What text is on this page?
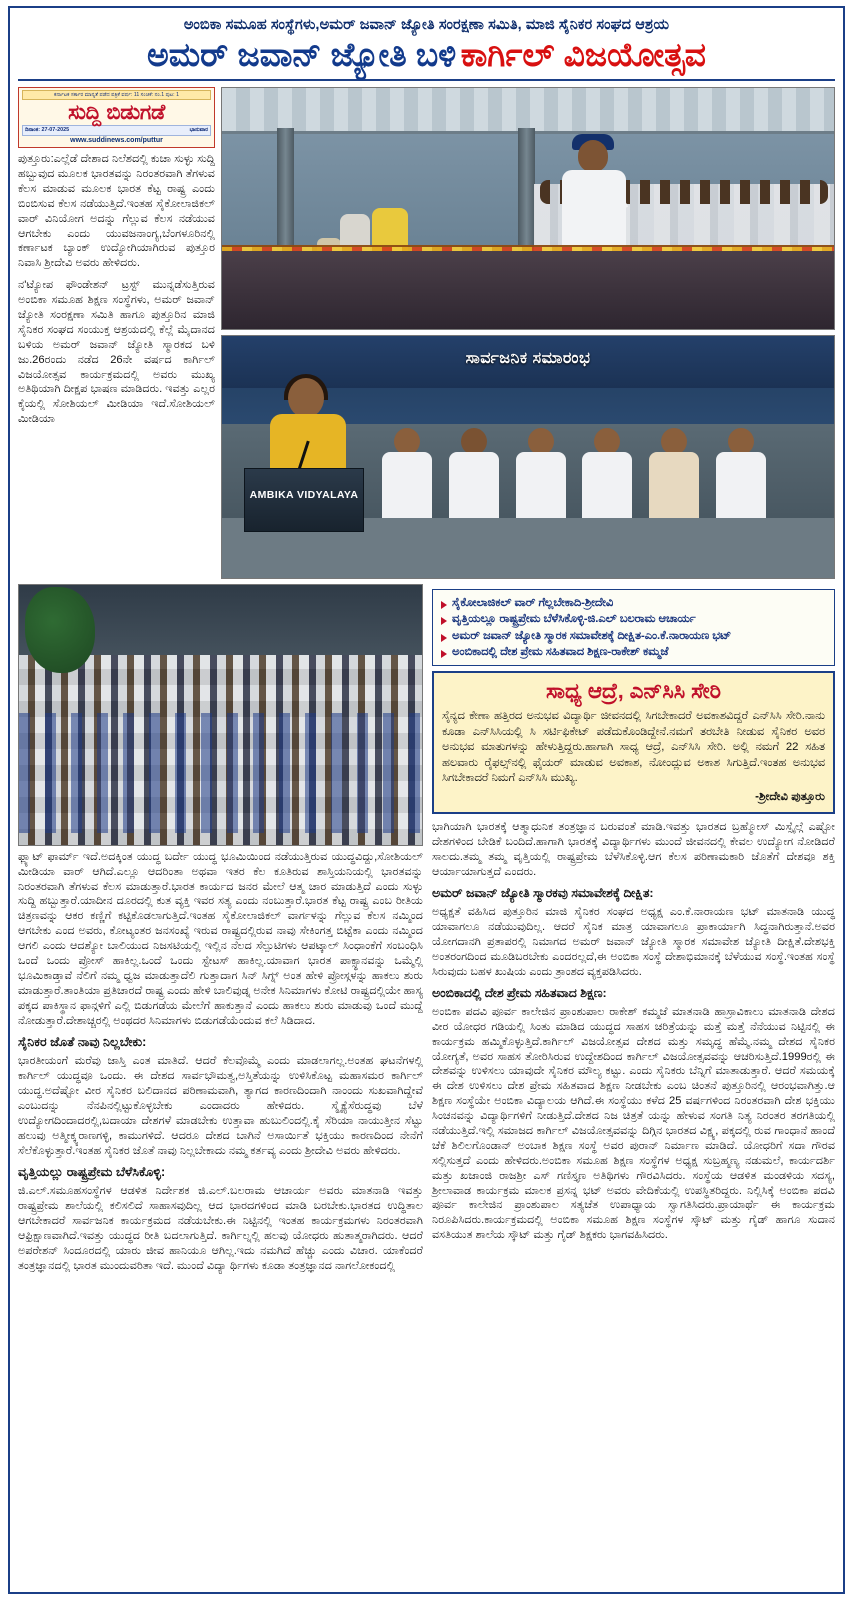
ಅಂಬಿಕಾ ಸಮೂಹ ಸಂಸ್ಥೆಗಳು,ಅಮರ್ ಜವಾನ್ ಜ್ಯೋತಿ ಸಂರಕ್ಷಣಾ ಸಮಿತಿ, ಮಾಜಿ ಸೈನಿಕರ ಸಂಘದ ಆಶ್ರಯ
ಅಮರ್ ಜವಾನ್ ಜ್ಯೋತಿ ಬಳಿ ಕಾರ್ಗಿಲ್ ವಿಜಯೋತ್ಸವ
ಕರ್ನಾಟಕ ಸರ್ಕಾರ ಮಾನ್ಯತೆ ಪಡೆದ ಪತ್ರಿಕೆ ವರ್ಷ: 11 ಸಂಚಿಕೆ: ನಂ.1 ಪುಟ: 1
ಸುದ್ದಿ ಬಿಡುಗಡೆ
ದಿನಾಂಕ: 27-07-2025	ಭಾನುವಾರ
www.suddinews.com/puttur

ಪುತ್ತೂರು:ಎಲ್ಲೆಡೆ ದೇಶಾದ ನಿಲೆಶದಲ್ಲಿ ಕುಚಾ ಸುಳ್ಳು ಸುದ್ದಿ ಹಬ್ಬುವುದ ಮೂಲಕ ಭಾರತವನ್ನು ನಿರಂತರವಾಗಿ ತೆಗಳುವ ಕೆಲಸ ಮಾಡುವ ಮೂಲಕ ಭಾರತ ಕೆಟ್ಟ ರಾಷ್ಟ್ರ ಎಂದು ಬಿಂಬಿಸುವ ಕೆಲಸ ನಡೆಯುತ್ತಿದೆ.ಇಂತಹ ಸೈಕೋಲಾಜಿಕಲ್ ವಾರ್ ವಿನಿಯೋಗ ಅದನ್ನು ಗೆಲ್ಲುವ ಕೆಲಸ ನಡೆಯುವ ಆಗಬೇಕು ಎಂದು ಯುವಜನಾಂಗ್ಯ,ಬೆಂಗಳೂರಿನಲ್ಲಿ ಕರ್ಣಾಟಕ ಬ್ಯಾಂಕ್ ಉದ್ಯೋಗಿಯಾಗಿರುವ ಪುತ್ತೂರ ನಿವಾಸಿ ಶ್ರೀದೇವಿ ಅವರು ಹೇಳಿದರು.

ನ'ಟ್ಯೋಪ ಫೌಂಡೇಶನ್ ಟ್ರಸ್ಟ್ ಮುನ್ನಡೆಸುತ್ತಿರುವ ಅಂಬಿಕಾ ಸಮೂಹ ಶಿಕ್ಷಣ ಸಂಸ್ಥೆಗಳು, ಅಮರ್ ಜವಾನ್ ಜ್ಯೋತಿ ಸಂರಕ್ಷಣಾ ಸಮಿತಿ ಹಾಗೂ ಪುತ್ತೂರಿನ ಮಾಜಿ ಸೈನಿಕರ ಸಂಘದ ಸಂಯುಕ್ತ ಆಶ್ರಯದಲ್ಲಿ ಕೆಲ್ಲೆ ಮೈದಾನದ ಬಳಿಯ ಅಮರ್ ಜವಾನ್ ಜ್ಯೋತಿ ಸ್ಮಾರಕದ ಬಳಿ ಜು.26ರಂದು ನಡೆದ 26ನೇ ವರ್ಷದ ಕಾರ್ಗಿಲ್ ವಿಜಯೋತ್ಸವ ಕಾರ್ಯಕ್ರಮದಲ್ಲಿ ಅವರು ಮುಖ್ಯ ಅತಿಥಿಯಾಗಿ ದೀಕ್ಷಪ ಭಾಷಣ ಮಾಡಿದರು. ಇವತ್ತು ಎಲ್ಲರ ಕೈಯಲ್ಲಿ ಸೋಶಿಯಲ್ ಮೀಡಿಯಾ ಇದೆ.ಸೋಶಿಯಲ್ ಮೀಡಿಯಾ

ಸಾರ್ವಜನಿಕ ಸಮಾರಂಭ
AMBIKA VIDYALAYA

ಫ್ಲ್ಯಾಟ್ ಫಾರ್ಮ್ ಇದೆ.ಅದಕ್ಕಿಂತ ಯುದ್ಧ ಬರ್ದೇ ಯುದ್ಧ ಭೂಮಿಯಿಂದ ನಡೆಯುತ್ತಿರುವ ಯುದ್ಧವಿದ್ದು,ಸೋಶಿಯಲ್ ಮೀಡಿಯಾ ವಾರ್ ಆಗಿದೆ.ಎಲ್ಲೂ ಆದರಿಂತಾ ಅಥವಾ ಇತರ ಕೆಲ ಕೂತಿರುವ ಶಾಸ್ತಿಯನಿಯಲ್ಲಿ ಭಾರತವನ್ನು ನಿರಂತರವಾಗಿ ತೆಗಳುವ ಕೆಲಸ ಮಾಡುತ್ತಾರೆ.ಭಾರತ ಕಾರ್ಯದ ಜನರ ಮೇಲೆ ಆತ್ಮ ಚಾರ ಮಾಡುತ್ತಿದೆ ಎಂದು ಸುಳ್ಳು ಸುದ್ದಿ ಹಬ್ಬುತ್ತಾರೆ.ಯಾದೀನ ದೂರದಲ್ಲಿ ಕುತ ವ್ಯಕ್ತಿ ಇವರ ಸತ್ಯ ಎಂದು ನಂಬುತ್ತಾರೆ.ಭಾರತ ಕೆಟ್ಟ ರಾಷ್ಟ್ರ ಎಂಬ ರೀತಿಯ ಚಿತ್ರಣವನ್ನು ಆಕರ ಕಣ್ಣಿಗೆ ಕಟ್ಟಿಕೊಡಲಾಗುತ್ತಿದೆ.ಇಂತಹ ಸೈಕೋಲಾಜಿಕಲ್ ವಾರ್ಗಳನ್ನು ಗೆಲ್ಲುವ ಕೆಲಸ ನಮ್ಮಿಂದ ಆಗಬೇಕು ಎಂದ ಅವರು, ಕೋಟ್ಯಂತರ ಜನಸಂಖ್ಯೆ ಇರುವ ರಾಷ್ಟ್ರದಲ್ಲಿರುವ ನಾವು ಸೇಕಿಂಗತ್ತ ಬಿಟ್ಟೆಕಾ ಎಂದು ನಮ್ಮಿಂದ ಆಗಲಿ ಎಂದು ಆದಶ್ಯೋ ಬಾಲಿಯುದ ನಿಜಸಟಿಯಲ್ಲಿ ಇಲ್ಲಿನ ನೆಲದ ಸೆಲ್ಪುಟಿಗಳು ಆಪಟ್ಕಾಲ್ ಸಿಂಧಾಂಕೆಗೆ ಸಂಬಂಧಿಸಿ ಒಂದೆ ಒಂದು ಪ್ರೋಸ್ ಹಾಕಿಲ್ಲ.ಒಂದೆ ಒಂದು ಸ್ಟೇಟಸ್ ಹಾಕಿಲ್ಲ.ಯಾವಾಗ ಭಾರತ ಪಾಕ್ಸ್ಥಾನವನ್ನು ಒಮ್ಮೆಲ್ಲಿ ಭೂಮಿಕಾಡ್ತಾವೆ ನೆಲಿಗೆ ನಮ್ಮ ಧ್ವಜ ಮಾಡುತ್ತಾದೆಲಿ ಗುತ್ತಾದಾಗ ಸಿನ್ ಸಿಗ್ನ್ ಅಂತ ಹೇಳಿ ಪ್ರೋಸ್ಗಳನ್ನು ಹಾಕಲು ಶುರು ಮಾಡುತ್ತಾರೆ.ತಾಂತಿಯಾ ಪ್ರತಿಚಾರದೆ ರಾಷ್ಟ್ರ ಎಂದು ಹೇಳಿ ಬಾಲಿವುಡ್ನ ಅನೇಕ ಸಿನಿಮಾಗಳು ಕೋಟಿ ರಾಷ್ಟ್ರದಲ್ಲಿಯೇ ಹಾಸ್ಯ ಪಕ್ಕದ ಪಾಕಿಸ್ಥಾನ ಫಾನ್ಗಳಿಗೆ ಎಲ್ಲಿ ಬಿಡುಗಡೆಯ ಮೇಲೆಗೆ ಹಾಕುತ್ತಾನೆ ಎಂದು ಹಾಕಲು ಶುರು ಮಾಡುವು ಒಂದೆ ಮುದ್ದೆ ನೋಡುತ್ತಾರೆ.ದೇಶಾಚ್ಚರಲ್ಲಿ ಅಂಥದರ ಸಿನಿಮಾಗಳು ಬಿಡುಗಡೆಯೆಂದುವ ಕಲೆ ಸಿಡಿದಾದ.

ಸೈನಿಕರ ಜೊತೆ ನಾವು ನಿಲ್ಲಬೇಕು:

ಭಾರತೀಯಂಗೆ ಮರೆವು ಜಾಸ್ತಿ ಎಂತ ಮಾತಿದೆ. ಆದರೆ ಕೆಲವೊಮ್ಮೆ ಎಂದು ಮಾಡಲಾಗಲ್ಲ.ಅಂತಹ ಘಟನೆಗಳಲ್ಲಿ ಕಾರ್ಗಿಲ್ ಯುದ್ಧವೂ ಒಂದು. ಈ ದೇಶದ ಸಾರ್ವಭೌಮತ್ವ,ಅಸ್ತಿತೆಯನ್ನು ಉಳಿಸಿಕೊಟ್ಟ ಮಹಾಸಮರ ಕಾರ್ಗಿಲ್ ಯುದ್ಧ.ಅದೆಷ್ಟೋ ವೀರ ಸೈನಿಕರ ಬಲಿದಾನದ ಪರಿಣಾಮವಾಗಿ, ತ್ಯಾಗದ ಕಾರಣದಿಂದಾಗಿ ನಾಂಂದು ಸುಖವಾಗಿದ್ದೇವೆ ಎಂಬುದನ್ನು ನೆನಪಿನಲ್ಲಿಟ್ಟುಕೊಳ್ಳಬೇಕು ಎಂದಾದರು ಹೇಳಿದರು. ಸ್ಮೈಕ್ಯೆಸೆರುದ್ಧವು ಬೆಳೆ ಉದ್ಯೋಗದಿಂದಾದರಲ್ಲಿ,ಬದಾಯಾ ದೇಶಗಳೆ ಮಾಡಬೇಕು ಉತ್ತಾವಾ ಹುಬುಲಿಂದಲ್ಲಿ.ಕೈ ಸೆರಿಯಾ ನಾಯುತ್ತೀನ ಸೆಟ್ಟು ಹಲುವು ಅತ್ಮೀಕ್ಕ್ಯರಾಣಗಳ್ಳಿ, ಕಾಮುಗಳಿದೆ. ಆದರೂ ದೇಶದ ಬಾಗಿನೆ ಅಸಾರ್ಯಿತೆ ಭಕ್ತಿಯು ಕಾರಣದಿಂದ ನೇನೆಗೆ ಸೆಲೆಕೊಳ್ಳುತ್ತಾರೆ.ಇಂತಹ ಸೈನಿಕರ ಜೊತೆ ನಾವು ನಿಲ್ಲಬೇಕಾದು ನಮ್ಮ ಕರ್ತವ್ಯ ಎಂದು ಶ್ರೀದೇವಿ ಅವರು ಹೇಳಿದರು.

ವೃತ್ತಿಯಲ್ಲು ರಾಷ್ಟ್ರಪ್ರೇಮ ಬೆಳೆಸಿಕೊಳ್ಳಿ:

ಜಿ.ಎಲ್.ಸಮೂಹಸಂಸ್ಥೆಗಳ ಆಡಳಿತ ನಿರ್ದೇಶಕ ಜಿ.ಎಲ್.ಬಲರಾಮ ಆಚಾರ್ಯ ಅವರು ಮಾತನಾಡಿ ಇವತ್ತು ರಾಷ್ಟ್ರಪ್ರೇಮ ಶಾಲೆಯಲ್ಲಿ ಕಲಿಸಲಿದೆ ಸಾಹಾಸವುದಿಲ್ಲ ಆದ ಭಾರದಗಳಿಂದ ಮಾಡಿ ಬರಬೇಕು.ಭಾರತದ ಉದ್ಧಿತಾಲ ಆಗಬೇಕಾದರೆ ಸಾರ್ವಜನಿಕ ಕಾರ್ಯಕ್ರಮದ ನಡೆಯಬೇಕು.ಈ ನಿಟ್ಟಿನಲ್ಲಿ ಇಂತಹ ಕಾರ್ಯಕ್ರಮಗಳು ನಿರಂತರವಾಗಿ ಆಫ್ರಿಕ್ಷಾಣವಾಗಿದೆ.ಇವತ್ತು ಯುದ್ಧದ ರೀತಿ ಬದಲಾಗುತ್ತಿದೆ. ಕಾರ್ಗಿಲ್ನಲ್ಲಿ ಹಲವು ಯೋಧರು ಹುತಾತ್ಮರಾಗಿದರು. ಆದರೆ ಅಪರೇಶನ್ ಸಿಂದೂರದಲ್ಲಿ ಯಾರು ಜೀವ ಹಾನಿಯೂ ಆಗಿಲ್ಲ.ಇದು ನಮಗಿದೆ ಹೆಚ್ಚು ಎಂದು ವಿಚಾರ. ಯಾಕೆಂದರೆ ತಂತ್ರಜ್ಞಾನದಲ್ಲಿ ಭಾರತ ಮುಂದುವರಿತಾ ಇದೆ. ಮುಂದೆ ವಿದ್ಯಾ ರ್ಥಿಗಳು ಕೂಡಾ ತಂತ್ರಜ್ಞಾನದ ನಾಗಲೋಕಂದಲ್ಲಿ

ಸೈಕೋಲಾಜಿಕಲ್ ವಾರ್ ಗೆಲ್ಲಬೇಕಾದಿ-ಶ್ರೀದೇವಿ
ವೃತ್ತಿಯಲ್ಲೂ ರಾಷ್ಟ್ರಪ್ರೇಮ ಬೆಳೆಸಿಕೊಳ್ಳಿ-ಜಿ.ಎಲ್ ಬಲರಾಮ ಆಚಾರ್ಯ
ಅಮರ್ ಜವಾನ್ ಜ್ಯೋತಿ ಸ್ಮಾರಕ ಸಮಾವೇಶಕ್ಕೆ ದೀಕ್ಷಿತ-ಎಂ.ಕೆ.ನಾರಾಯಣ ಭಟ್
ಅಂಬಿಕಾದಲ್ಲಿ ದೇಶ ಪ್ರೇಮ ಸಹಿತವಾದ ಶಿಕ್ಷಣ-ರಾಕೇಶ್ ಕಮ್ಮಜೆ
ಸಾಧ್ಯ ಆದ್ರೆ, ಎನ್‌ಸಿಸಿ ಸೇರಿ
ಸೈನ್ಯದ ಕೇಣಾ ಹತ್ತಿರದ ಅನುಭವ ವಿದ್ಯಾರ್ಥಿ ಜೀವನದಲ್ಲಿ ಸಿಗಬೇಕಾದರೆ ಅವಕಾಶವಿದ್ದರೆ ಎನ್‌ಸಿಸಿ ಸೇರಿ.ನಾನು ಕೂಡಾ ಎನ್‌ಸಿಸಿಯಲ್ಲಿ ಸಿ ಸರ್ಟಿಫಿಕೇಟ್ ಪಡೆದುಕೊಂಡಿದ್ದೇನೆ.ನಮಗೆ ತರಬೇತಿ ನೀಡುವ ಸೈನಿಕರ ಅವರ ಅನುಭವ ಮಾತುಗಳನ್ನು ಹೇಳುತ್ತಿದ್ದರು.ಹಾಗಾಗಿ ಸಾಧ್ಯ ಆದ್ರೆ, ಎನ್‌ಸಿಸಿ ಸೇರಿ. ಅಲ್ಲಿ ನಮಗೆ 22 ಸಹಿತ ಹಲವಾರು ರೈಫಲ್ಸ್‌ನಲ್ಲಿ ಫೈಯರ್ ಮಾಡುವ ಅವಕಾಶ, ನೋಂದ್ಲುವ ಅಕಾಶ ಸಿಗುತ್ತಿದೆ.ಇಂತಹ ಅನುಭವ ಸಿಗಬೇಕಾದರೆ ನಿಮಗೆ ಎನ್‌ಸಿಸಿ ಮುಖ್ಯ.
-ಶ್ರೀದೇವಿ ಪುತ್ತೂರು

ಭಾಗಿಯಾಗಿ ಭಾರತಕ್ಕೆ ಆತ್ಮಾಧುನಿಕ ತಂತ್ರಜ್ಞಾನ ಬರುವಂತೆ ಮಾಡಿ.ಇವತ್ತು ಭಾರತದ ಬ್ರಹ್ಮೋಸ್ ಮಿಸ್ಸೈಲ್ಗೆ ಎಷ್ಟೋ ದೇಶಗಳಿಂದ ಬೇಡಿಕೆ ಬಂದಿದೆ.ಹಾಗಾಗಿ ಭಾರತಕ್ಕೆ ವಿದ್ಯಾರ್ಥಿಗಳು ಮುಂದೆ ಜೀವನದಲ್ಲಿ ಕೇವಲ ಉದ್ಯೋಗ ನೋಡಿದರೆ ಸಾಲದು.ತಮ್ಮ ತಮ್ಮ ವೃತ್ತಿಯಲ್ಲಿ ರಾಷ್ಟ್ರಪ್ರೇಮ ಬೆಳೆಸಿಕೊಳ್ಳಿ.ಆಗ ಕೆಲಸ ಪರಿಣಾಮಕಾರಿ ಜೊತೆಗೆ ದೇಶವೂ ಶಕ್ತಿ ಆರ್ಯಾಯಾಗುತ್ತದೆ ಎಂದರು.

ಅಮರ್ ಜವಾನ್ ಜ್ಯೋತಿ ಸ್ಮಾರಕವು ಸಮಾವೇಶಕ್ಕೆ ದೀಕ್ಷಿತ:

ಅಧ್ಯಕ್ಷತೆ ವಹಿಸಿದ ಪುತ್ತೂರಿನ ಮಾಜಿ ಸೈನಿಕರ ಸಂಘದ ಅಧ್ಯಕ್ಷ ಎಂ.ಕೆ.ನಾರಾಯಣ ಭಟ್ ಮಾತನಾಡಿ ಯುದ್ಧ ಯಾವಾಗಲೂ ನಡೆಯುವುದಿಲ್ಲ. ಆದರೆ ಸೈನಿಕ ಮಾತ್ರ ಯಾವಾಗಲೂ ಪ್ರಾಕಾರ್ಯಾಗಿ ಸಿದ್ಧನಾಗಿರುತ್ತಾನೆ.ಅವರ ಯೋಗದಾನಗಿ ಪ್ರತಾಪರಲ್ಲಿ ನಿಮಾಗದ ಅಮರ್ ಜವಾನ್ ಜ್ಯೋತಿ ಸ್ಮಾರಕ ಸಮಾವೇಶ ಜ್ಯೋತಿ ದೀಕ್ಷಿತೆ.ದೇಶಭಕ್ತಿ ಅಂತರಂಗದಿಂದ ಮೂಡಿಬರಬೇಕು ಎಂದರಲ್ಲದೆ,ಈ ಅಂಬಿಕಾ ಸಂಸ್ಥೆ ದೇಶಾಭಿಮಾನಕ್ಕೆ ಬೆಳೆಯುವ ಸಂಸ್ಥೆ.ಇಂತಹ ಸಂಸ್ಥೆ ಸಿರುವುದು ಬಹಳ ಖುಷಿಯ ಎಂದು ತ್ರಾಂಶದ ವ್ಯಕ್ತಪಡಿಸಿದರು.

ಅಂಬಿಕಾದಲ್ಲಿ ದೇಶ ಪ್ರೇಮ ಸಹಿತವಾದ ಶಿಕ್ಷಣ:

ಅಂಬಿಕಾ ಪದವಿ ಪೂರ್ವ ಕಾಲೇಜಿನ ಪ್ರಾಂಶುಪಾಲ ರಾಕೇಶ್ ಕಮ್ಮಜೆ ಮಾತನಾಡಿ ಹಾಸ್ರಾವಿಕಾಲು ಮಾತನಾಡಿ ದೇಶದ ವೀರ ಯೋಧರ ಗಡಿಯಲ್ಲಿ ಸಿಂತು ಮಾಡಿದ ಯುದ್ಧದ ಸಾಹಸ ಚರಿತ್ರೆಯನ್ನು ಮತ್ತೆ ಮತ್ತೆ ನೆನೆಯುವ ನಿಟ್ಟಿನಲ್ಲಿ ಈ ಕಾರ್ಯಕ್ರಮ ಹಮ್ಮಿಕೊಳ್ಳುತ್ತಿದೆ.ಕಾರ್ಗಿಲ್ ವಿಜಯೋತ್ಸವ ದೇಶದ ಮತ್ತು ಸಮೃದ್ಧ ಹೆಮ್ಮೆ.ನಮ್ಮ ದೇಶದ ಸೈನಿಕರ ಯೋಗ್ಯತೆ, ಅವರ ಸಾಹಸ ತೋರಿಸಿರುವ ಉದ್ದೇಶದಿಂದ ಕಾರ್ಗಿಲ್ ವಿಜಯೋತ್ಸವವನ್ನು ಆಚರಿಸುತ್ತಿದೆ.1999ರಲ್ಲಿ ಈ ದೇಶವನ್ನು ಉಳಿಸಲು ಯಾವುದೇ ಸೈನಿಕರ ಮೌಲ್ಯ ಕಟ್ಟು. ಎಂದು ಸೈನಿಕರು ಬೆನ್ನಿಗೆ ಮಾತಾಡುತ್ತಾರೆ. ಆದರೆ ಸಮಯಕ್ಕೆ ಈ ದೇಶ ಉಳಿಸಲು ದೇಶ ಪ್ರೇಮ ಸಹಿತವಾದ ಶಿಕ್ಷಣ ನೀಡಬೇಕು ಎಂಬ ಚಿಂತನೆ ಪುತ್ತೂರಿನಲ್ಲಿ ಆರಂಭವಾಗಿತ್ತು.ಆ ಶಿಕ್ಷಣ ಸಂಸ್ಥೆಯೇ ಅಂಬಿಕಾ ವಿದ್ಯಾಲಯ ಆಗಿದೆ.ಈ ಸಂಸ್ಥೆಯು ಕಳೆದ 25 ವರ್ಷಗಳಿಂದ ನಿರಂತರವಾಗಿ ದೇಶ ಭಕ್ತಿಯು ಸಿಂಚನವನ್ನು ವಿದ್ಯಾರ್ಥಿಗಳಿಗೆ ನೀಡುತ್ತಿದೆ.ದೇಶದ ನಿಜ ಚಿತ್ರತೆ ಯನ್ನು ಹೇಳುವ ಸಂಗತಿ ನಿತ್ಯ ನಿರಂತರ ತರಗತಿಯಲ್ಲಿ ನಡೆಯುತ್ತಿದೆ.ಇಲ್ಲಿ ಸಮಾಜದ ಕಾರ್ಗಿಲ್ ವಿಜಯೋತ್ಸವವನ್ನು ದಿಗ್ಗಿನ ಭಾರತದ ವಿಕ್ಷ್ಯ, ಪಕ್ಕದಲ್ಲಿ ರುವ ಗಾಂಧಾನೆ ಹಾಂದೆ ಚೆಕೆ ಶಿಲಿಲಗೊಂಡಾನ್ ಅಂಬಾಕ ಶಿಕ್ಷಣ ಸಂಸ್ಥೆ ಅವರ ಪುರಾನ್ ನಿರ್ಮಾಣ ಮಾಡಿದೆ. ಯೋಧರಿಗೆ ಸದಾ ಗೌರವ ಸಲ್ಲಿಸುತ್ತದೆ ಎಂದು ಹೇಳಿದರು.ಅಂಬಿಕಾ ಸಮೂಹ ಶಿಕ್ಷಣ ಸಂಸ್ಥೆಗಳ ಅಧ್ಯಕ್ಷ ಸುಬ್ರಹ್ಮಣ್ಯ ನಡುಮಲೆ, ಕಾರ್ಯದರ್ಶಿ ಮತ್ತು ಖಜಾಂಜಿ ರಾಜಶ್ರೀ ಎಸ್ ಗಣಿಸ್ತೃಣ ಅತಿಥಿಗಳು ಗೌರವಿಸಿದರು. ಸಂಸ್ಥೆಯ ಆಡಳಿತ ಮಂಡಳಿಯ ಸದಸ್ಯ, ಶ್ರೀಲಾವಾಡ ಕಾರ್ಯಕ್ರಮ ಮಾಲಕ ಪ್ರಸನ್ನ ಭಟ್ ಅವರು ವೇದಿಕೆಯಲ್ಲಿ ಉಪಸ್ಥಿತರಿದ್ದರು. ನಿಲ್ಲಿಸಿಕ್ಕೆ ಅಂಬಿಕಾ ಪದವಿ ಪೂರ್ವ ಕಾಲೇಜಿನ ಪ್ರಾಂಶುಪಾಲ ಸತ್ಯಚೆತ ಉಪಾಧ್ಯಾಯ ಸ್ವಾಗತಿಸಿದರು.ಪ್ರಾಯಾರ್ಥೆ ಈ ಕಾರ್ಯಕ್ರಮ ನಿರೂಪಿಸಿದರು.ಕಾರ್ಯಕ್ರಮದಲ್ಲಿ ಅಂಬಿಕಾ ಸಮೂಹ ಶಿಕ್ಷಣ ಸಂಸ್ಥೆಗಳ ಸ್ಕೌಟ್ ಮತ್ತು ಗೈಡ್ ಹಾಗೂ ಸುದಾನ ವಸತಿಯುತ ಶಾಲೆಯ ಸ್ಕೌಟ್ ಮತ್ತು ಗೈಡ್ ಶಿಕ್ಷಕರು ಭಾಗವಹಿಸಿದರು.
